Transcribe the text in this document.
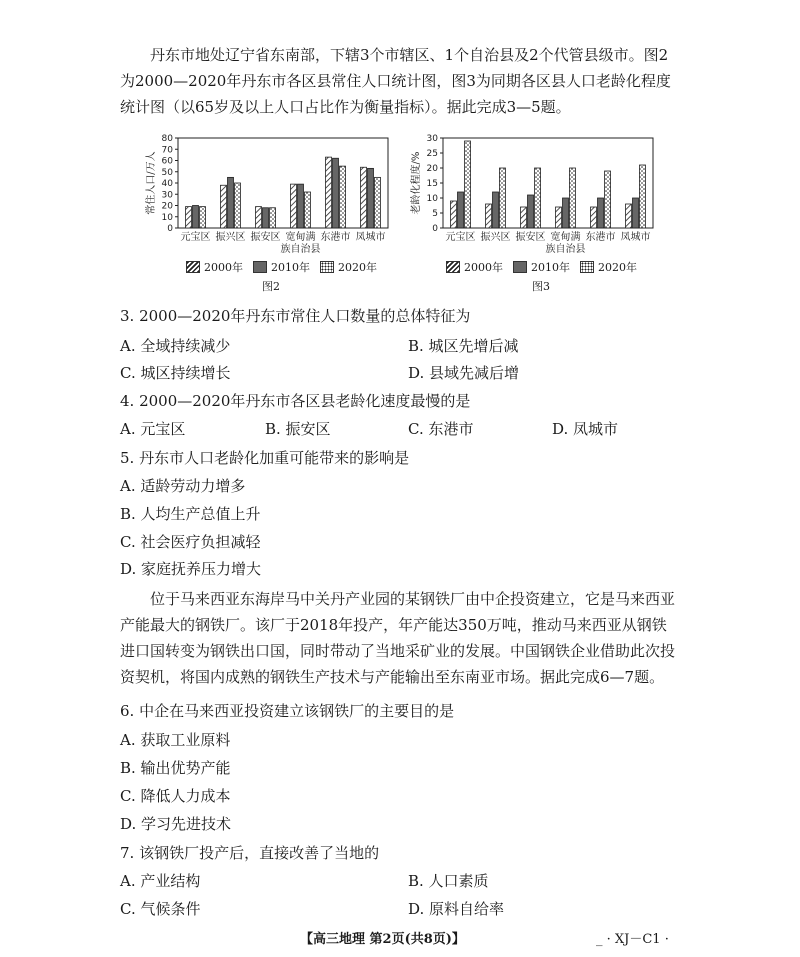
丹东市地处辽宁省东南部，下辖3个市辖区、1个自治县及2个代管县级市。图2为2000—2020年丹东市各区县常住人口统计图，图3为同期各区县人口老龄化程度统计图（以65岁及以上人口占比作为衡量指标）。据此完成3—5题。
0
10
20
30
40
50
60
70
80
常住人口/万人
元宝区 振兴区 振安区 宽甸满
族自治县
东港市 凤城市
0
5
10
15
20
25
30
老龄化程度/%
元宝区 振兴区 振安区 宽甸满
族自治县
东港市 凤城市
2000年	2010年	2020年
图2
2000年	2010年	2020年
图3
3. 2000—2020年丹东市常住人口数量的总体特征为
A. 全域持续减少	B. 城区先增后减
C. 城区持续增长	D. 县域先减后增
4. 2000—2020年丹东市各区县老龄化速度最慢的是
A. 元宝区	B. 振安区	C. 东港市	D. 凤城市
5. 丹东市人口老龄化加重可能带来的影响是
A. 适龄劳动力增多
B. 人均生产总值上升
C. 社会医疗负担减轻
D. 家庭抚养压力增大
位于马来西亚东海岸马中关丹产业园的某钢铁厂由中企投资建立，它是马来西亚产能最大的钢铁厂。该厂于2018年投产，年产能达350万吨，推动马来西亚从钢铁进口国转变为钢铁出口国，同时带动了当地采矿业的发展。中国钢铁企业借助此次投资契机，将国内成熟的钢铁生产技术与产能输出至东南亚市场。据此完成6—7题。
6. 中企在马来西亚投资建立该钢铁厂的主要目的是
A. 获取工业原料
B. 输出优势产能
C. 降低人力成本
D. 学习先进技术
7. 该钢铁厂投产后，直接改善了当地的
A. 产业结构	B. 人口素质
C. 气候条件	D. 原料自给率
【高三地理 第2页(共8页)】	_ · XJ－C1 ·
